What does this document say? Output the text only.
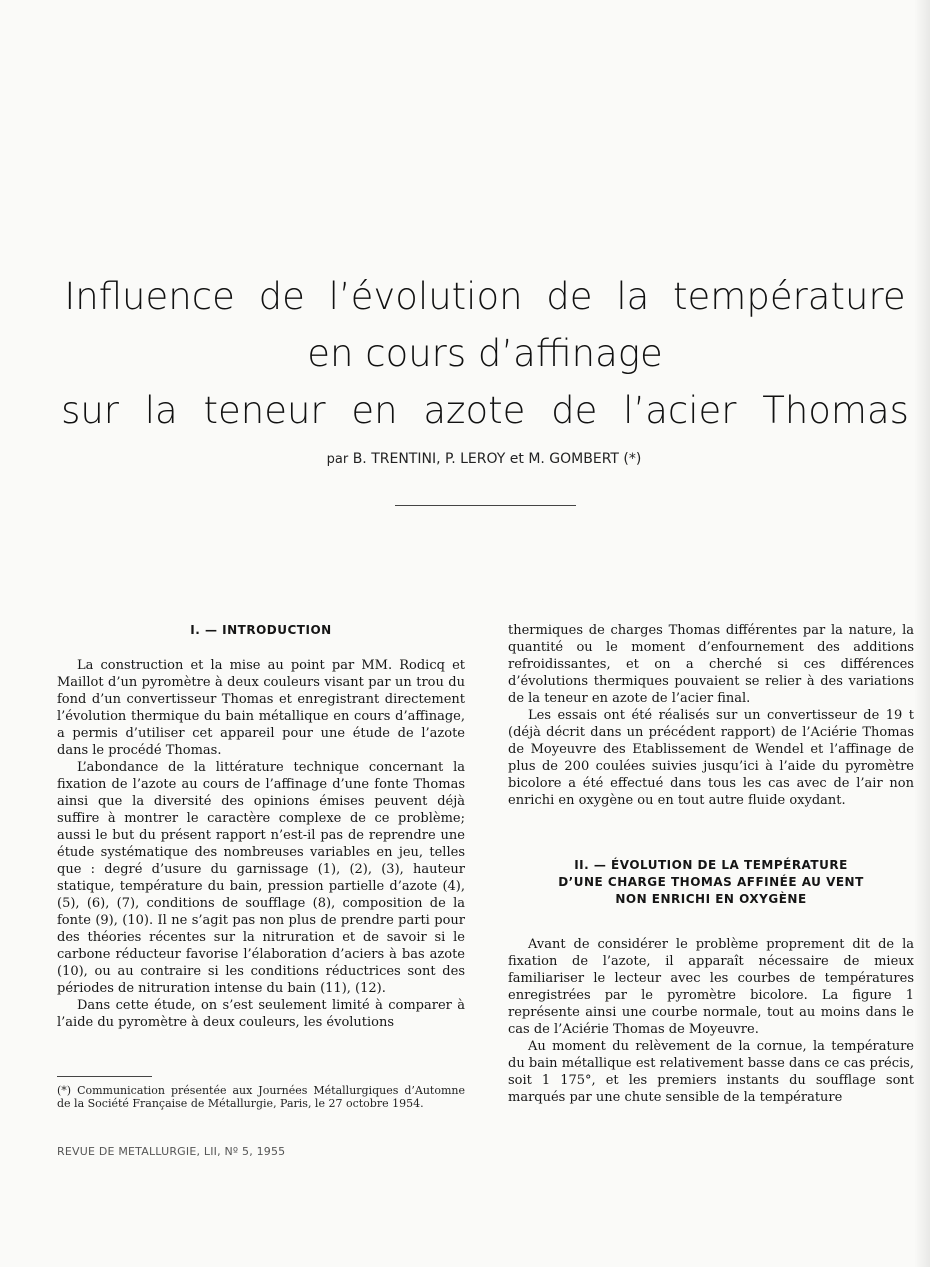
Influence de l’évolution de la température
en cours d’affinage
sur la teneur en azote de l’acier Thomas
par B. TRENTINI, P. LEROY et M. GOMBERT (*)
I. — INTRODUCTION

La construction et la mise au point par MM. Rodicq et Maillot d’un pyromètre à deux couleurs visant par un trou du fond d’un convertisseur Thomas et enregistrant directement l’évolution thermique du bain métallique en cours d’affinage, a permis d’utiliser cet appareil pour une étude de l’azote dans le procédé Thomas.

L’abondance de la littérature technique concernant la fixation de l’azote au cours de l’affinage d’une fonte Thomas ainsi que la diversité des opinions émises peuvent déjà suffire à montrer le caractère complexe de ce problème; aussi le but du présent rapport n’est-il pas de reprendre une étude systématique des nombreuses variables en jeu, telles que : degré d’usure du garnissage (1), (2), (3), hauteur statique, température du bain, pression partielle d’azote (4), (5), (6), (7), conditions de soufflage (8), composition de la fonte (9), (10). Il ne s’agit pas non plus de prendre parti pour des théories récentes sur la nitruration et de savoir si le carbone réducteur favorise l’élaboration d’aciers à bas azote (10), ou au contraire si les conditions réductrices sont des périodes de nitruration intense du bain (11), (12).

Dans cette étude, on s’est seulement limité à comparer à l’aide du pyromètre à deux couleurs, les évolutions

thermiques de charges Thomas différentes par la nature, la quantité ou le moment d’enfournement des additions refroidissantes, et on a cherché si ces différences d’évolutions thermiques pouvaient se relier à des variations de la teneur en azote de l’acier final.

Les essais ont été réalisés sur un convertisseur de 19 t (déjà décrit dans un précédent rapport) de l’Aciérie Thomas de Moyeuvre des Etablissement de Wendel et l’affinage de plus de 200 coulées suivies jusqu’ici à l’aide du pyromètre bicolore a été effectué dans tous les cas avec de l’air non enrichi en oxygène ou en tout autre fluide oxydant.

II. — ÉVOLUTION DE LA TEMPÉRATURE
D’UNE CHARGE THOMAS AFFINÉE AU VENT
NON ENRICHI EN OXYGÈNE

Avant de considérer le problème proprement dit de la fixation de l’azote, il apparaît nécessaire de mieux familiariser le lecteur avec les courbes de températures enregistrées par le pyromètre bicolore. La figure 1 représente ainsi une courbe normale, tout au moins dans le cas de l’Aciérie Thomas de Moyeuvre.

Au moment du relèvement de la cornue, la température du bain métallique est relativement basse dans ce cas précis, soit 1 175°, et les premiers instants du soufflage sont marqués par une chute sensible de la température

(*) Communication présentée aux Journées Métallurgiques d’Automne de la Société Française de Métallurgie, Paris, le 27 octobre 1954.
REVUE DE METALLURGIE, LII, Nº 5, 1955
